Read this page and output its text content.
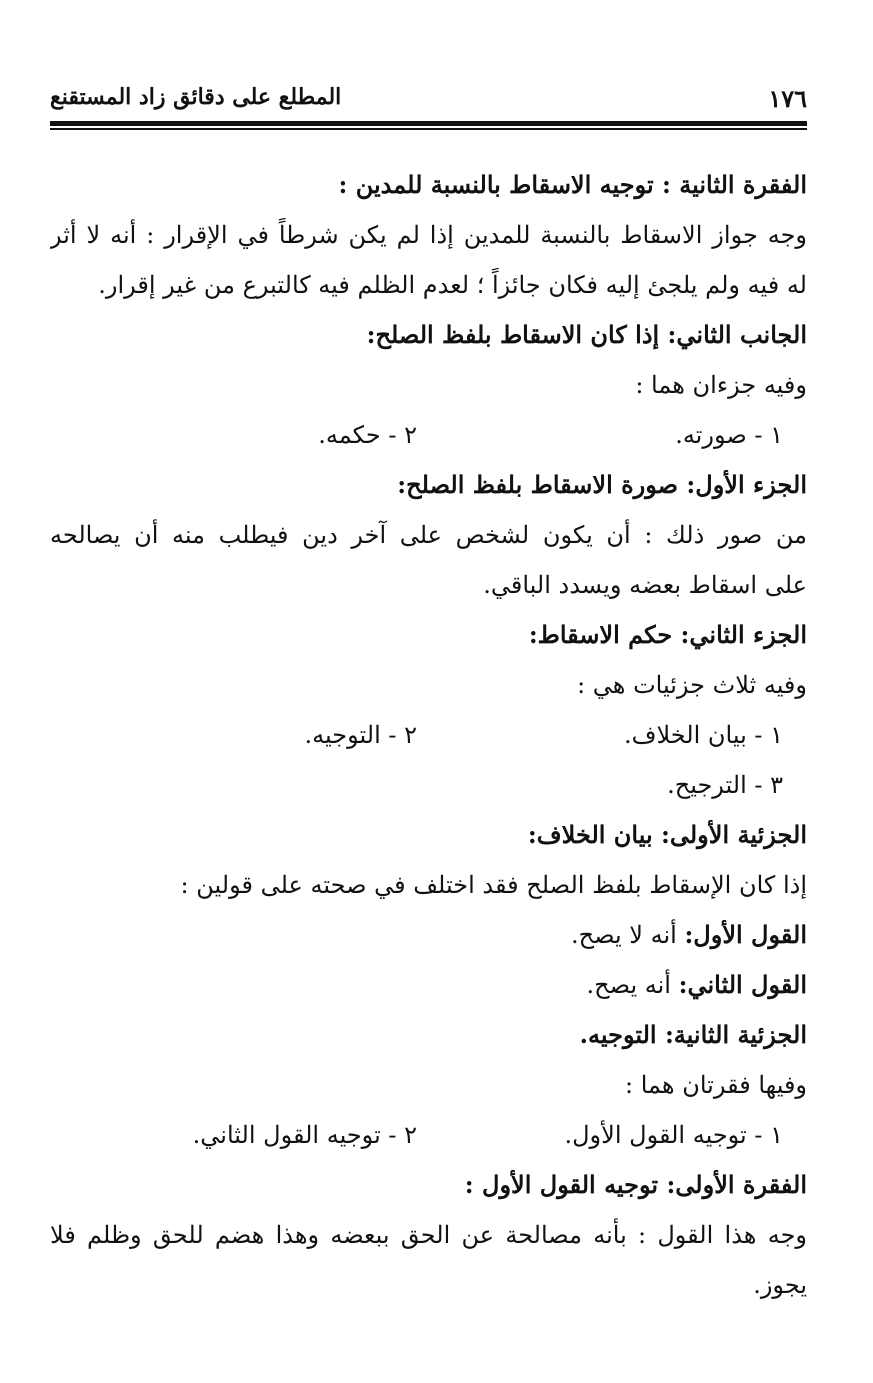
١٧٦
المطلع على دقائق زاد المستقنع
الفقرة الثانية : توجيه الاسقاط بالنسبة للمدين :
وجه جواز الاسقاط بالنسبة للمدين إذا لم يكن شرطاً في الإقرار : أنه لا أثر
له فيه ولم يلجئ إليه فكان جائزاً ؛ لعدم الظلم فيه كالتبرع من غير إقرار.
الجانب الثاني: إذا كان الاسقاط بلفظ الصلح:
وفيه جزءان هما :
١ - صورته.
٢ - حكمه.
الجزء الأول: صورة الاسقاط بلفظ الصلح:
من صور ذلك : أن يكون لشخص على آخر دين فيطلب منه أن يصالحه
على اسقاط بعضه ويسدد الباقي.
الجزء الثاني: حكم الاسقاط:
وفيه ثلاث جزئيات هي :
١ - بيان الخلاف.
٢ - التوجيه.
٣ - الترجيح.
الجزئية الأولى: بيان الخلاف:
إذا كان الإسقاط بلفظ الصلح فقد اختلف في صحته على قولين :
القول الأول: أنه لا يصح.
القول الثاني: أنه يصح.
الجزئية الثانية: التوجيه.
وفيها فقرتان هما :
١ - توجيه القول الأول.
٢ - توجيه القول الثاني.
الفقرة الأولى: توجيه القول الأول :
وجه هذا القول : بأنه مصالحة عن الحق ببعضه وهذا هضم للحق وظلم فلا
يجوز.
